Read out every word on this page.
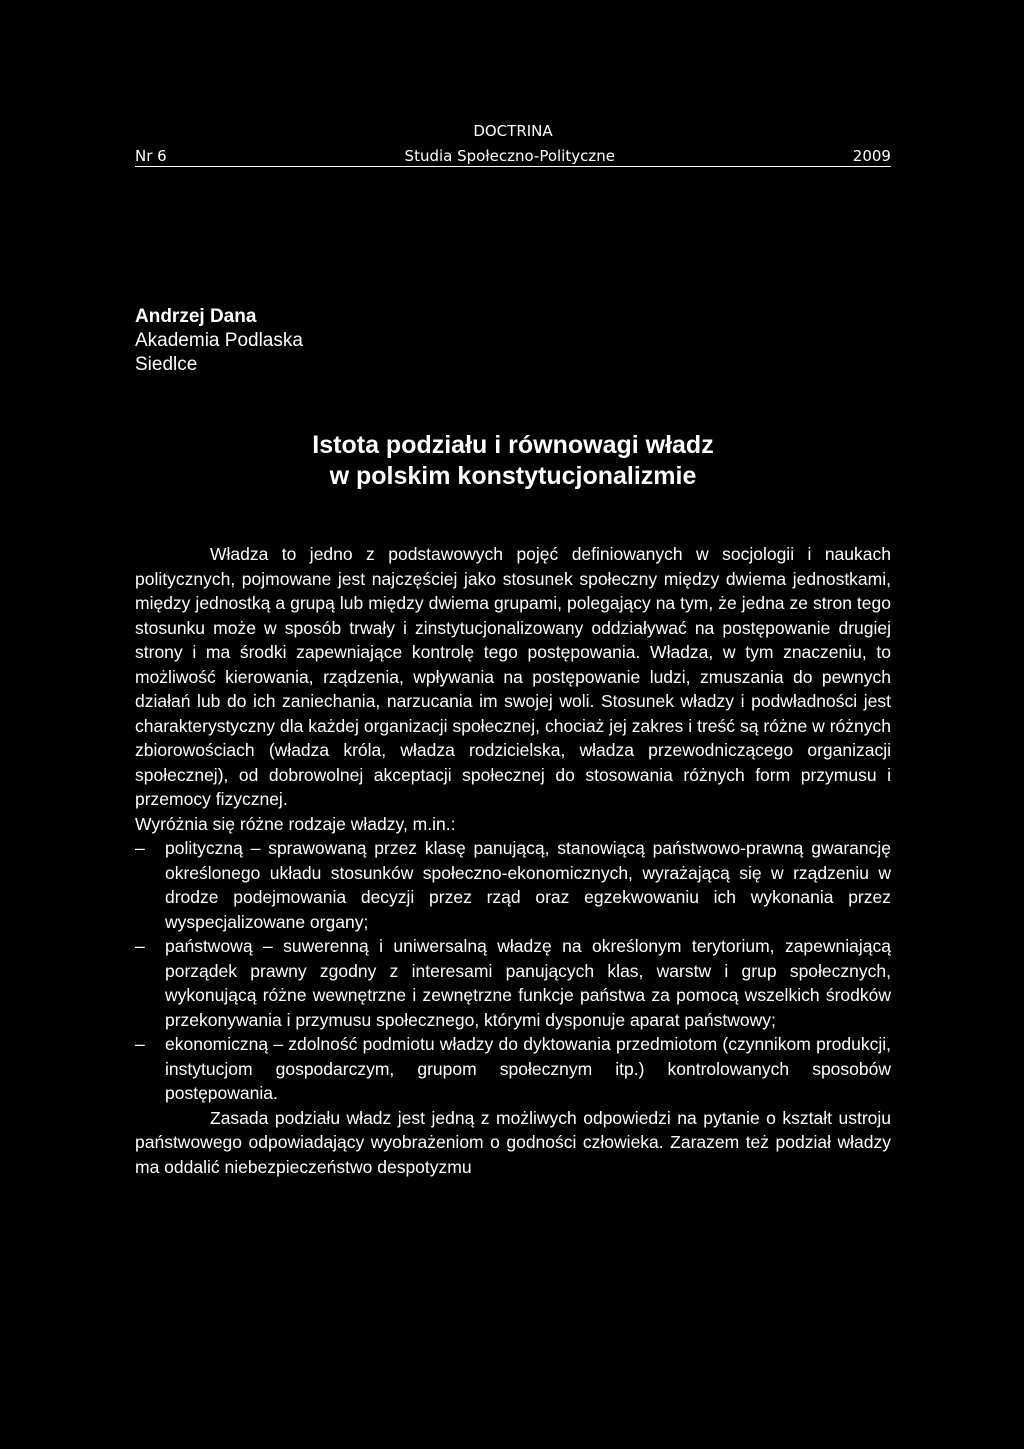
DOCTRINA
Nr 6	Studia Społeczno-Polityczne	2009
Andrzej Dana
Akademia Podlaska
Siedlce
Istota podziału i równowagi władz
w polskim konstytucjonalizmie

Władza to jedno z podstawowych pojęć definiowanych w socjologii i naukach politycznych, pojmowane jest najczęściej jako stosunek społeczny między dwiema jednostkami, między jednostką a grupą lub między dwiema grupami, polegający na tym, że jedna ze stron tego stosunku może w sposób trwały i zinstytucjonalizowany oddziaływać na postępowanie drugiej strony i ma środki zapewniające kontrolę tego postępowania. Władza, w tym znaczeniu, to możliwość kierowania, rządzenia, wpływania na postępowanie ludzi, zmuszania do pewnych działań lub do ich zaniechania, narzucania im swojej woli. Stosunek władzy i podwładności jest charakterystyczny dla każdej organizacji społecznej, chociaż jej zakres i treść są różne w różnych zbiorowościach (władza króla, władza rodzicielska, władza przewodniczącego organizacji społecznej), od dobrowolnej akceptacji społecznej do stosowania różnych form przymusu i przemocy fizycznej.

Wyróżnia się różne rodzaje władzy, m.in.:

– polityczną – sprawowaną przez klasę panującą, stanowiącą państwowo-prawną gwarancję określonego układu stosunków społeczno-ekonomicznych, wyrażającą się w rządzeniu w drodze podejmowania decyzji przez rząd oraz egzekwowaniu ich wykonania przez wyspecjalizowane organy;
– państwową – suwerenną i uniwersalną władzę na określonym terytorium, zapewniającą porządek prawny zgodny z interesami panujących klas, warstw i grup społecznych, wykonującą różne wewnętrzne i zewnętrzne funkcje państwa za pomocą wszelkich środków przekonywania i przymusu społecznego, którymi dysponuje aparat państwowy;
– ekonomiczną – zdolność podmiotu władzy do dyktowania przedmiotom (czynnikom produkcji, instytucjom gospodarczym, grupom społecznym itp.) kontrolowanych sposobów postępowania.

Zasada podziału władz jest jedną z możliwych odpowiedzi na pytanie o kształt ustroju państwowego odpowiadający wyobrażeniom o godności człowieka. Zarazem też podział władzy ma oddalić niebezpieczeństwo despotyzmu
